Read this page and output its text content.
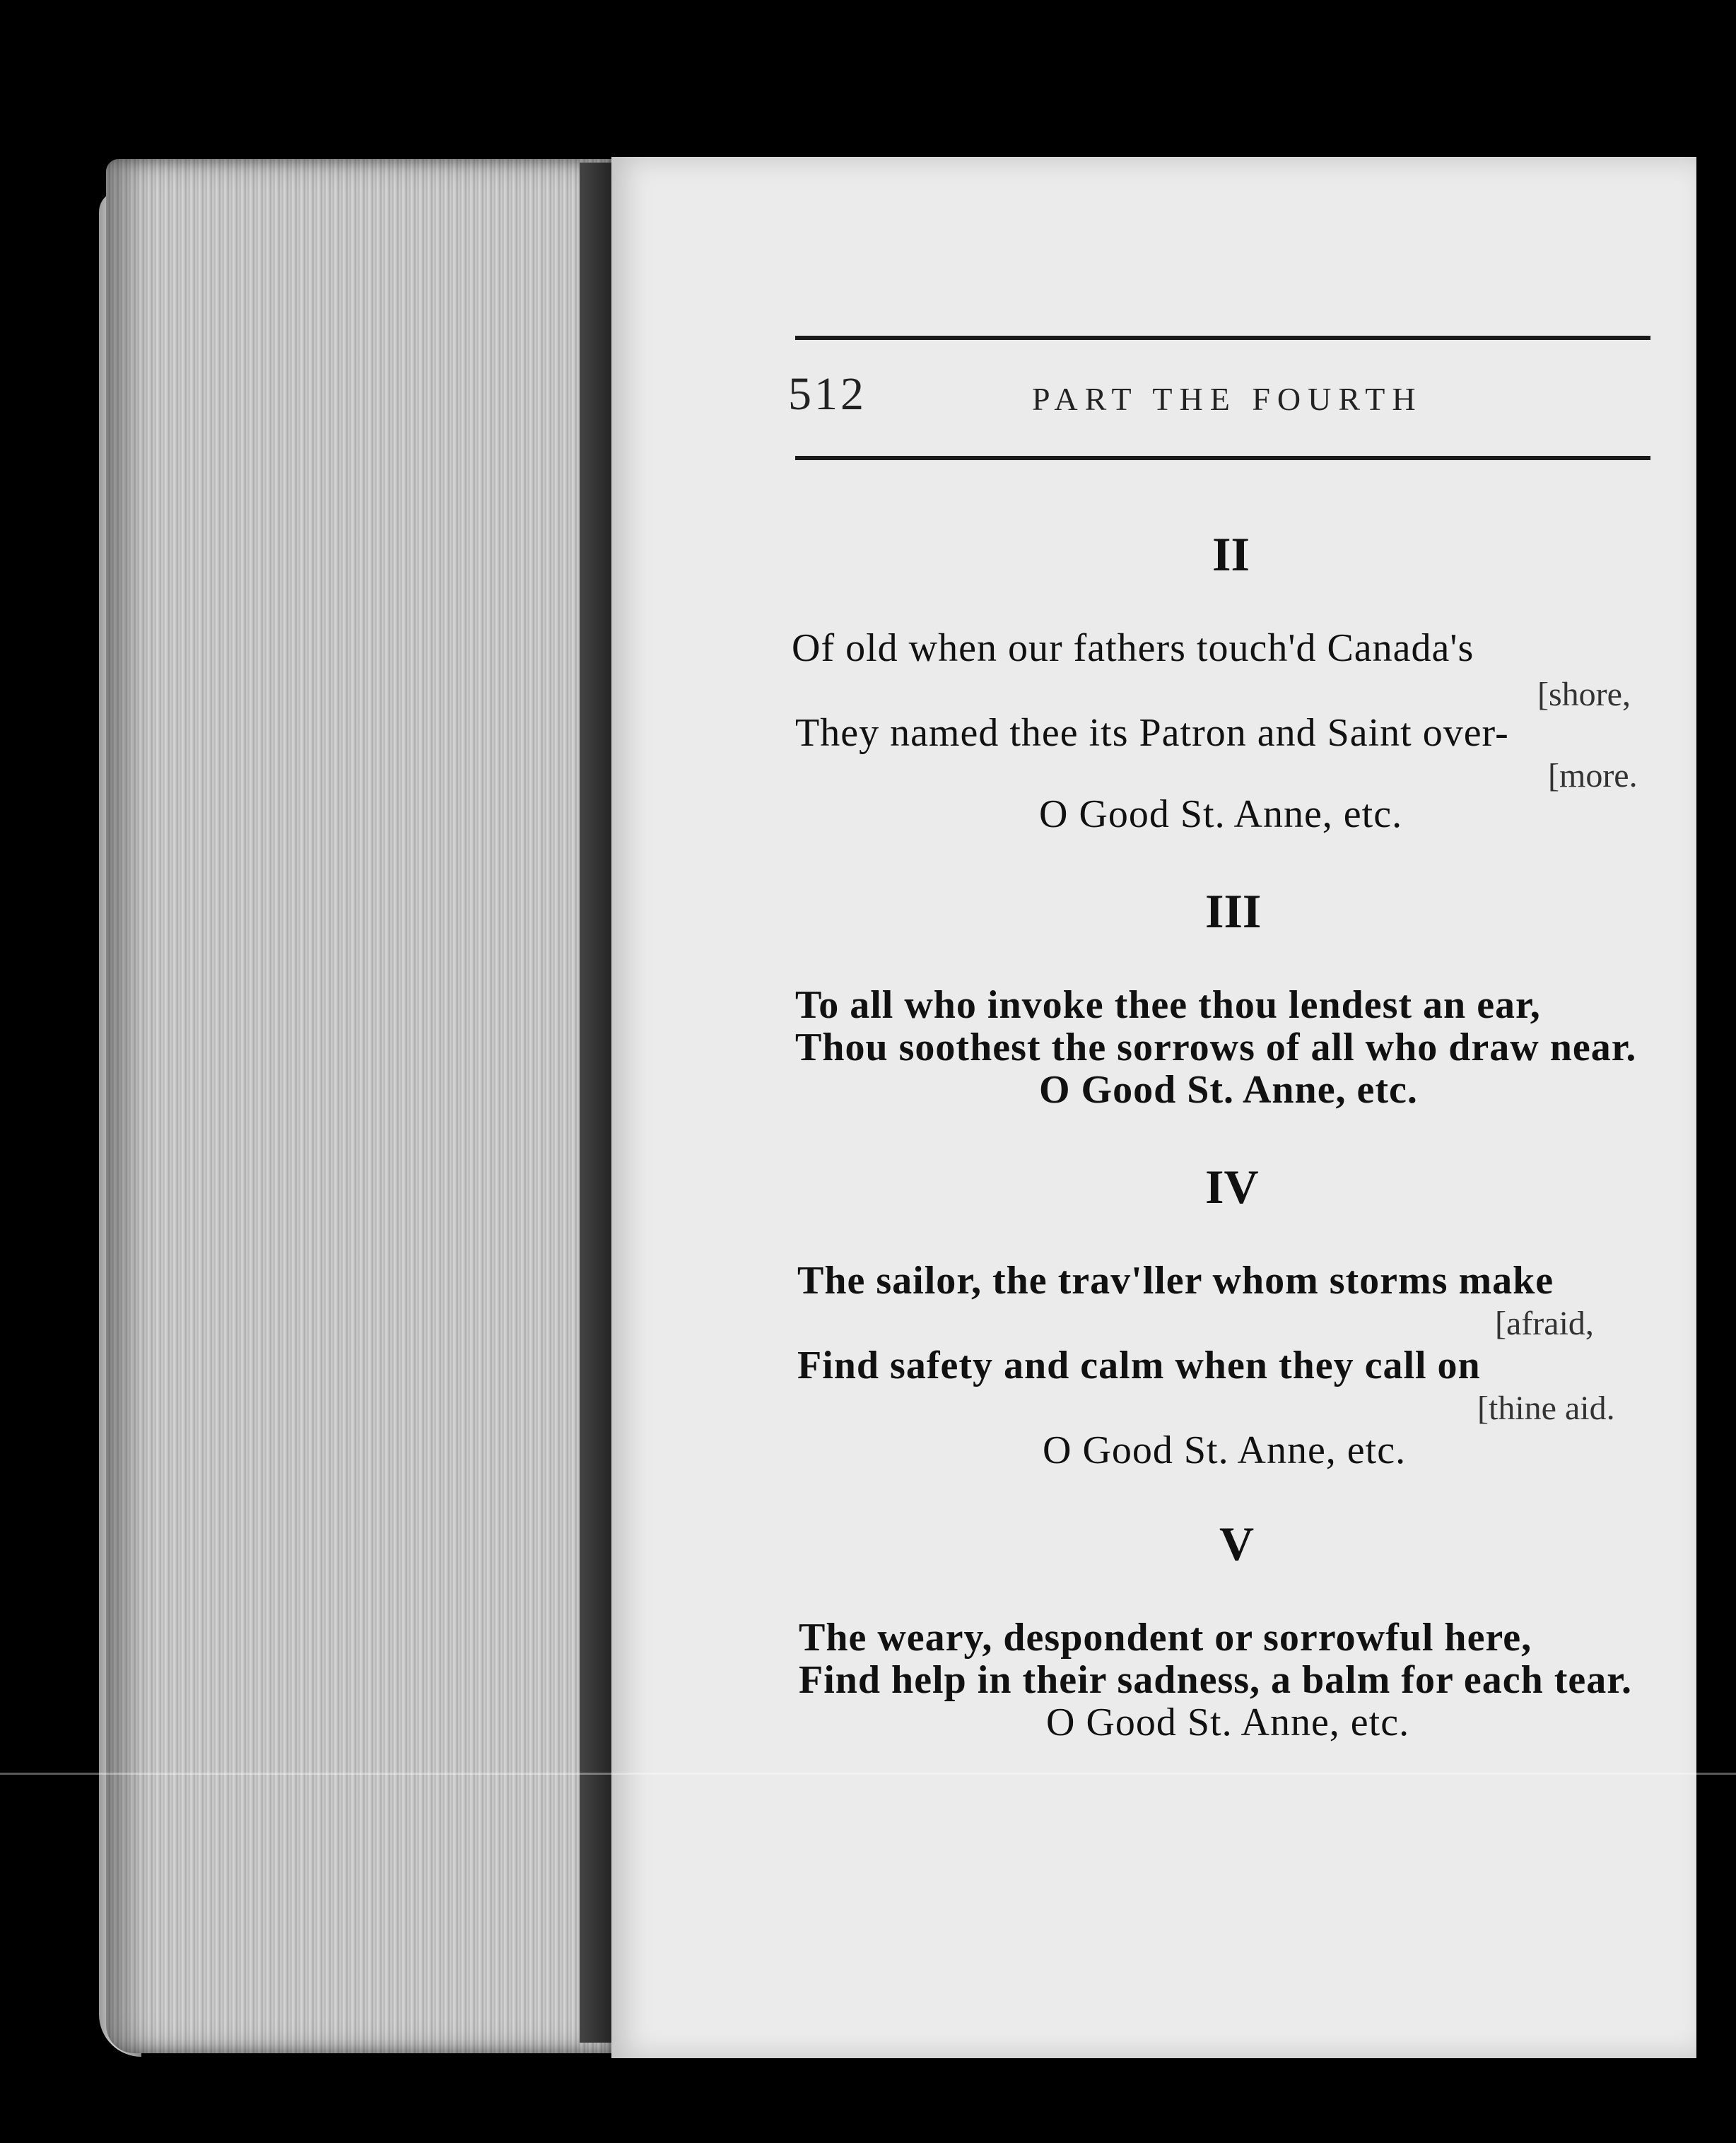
512	PART THE FOURTH
II
Of old when our fathers touch'd Canada's
[shore,
They named thee its Patron and Saint over-
[more.
O Good St. Anne, etc.
III
To all who invoke thee thou lendest an ear,
Thou soothest the sorrows of all who draw near.
O Good St. Anne, etc.
IV
The sailor, the trav'ller whom storms make
[afraid,
Find safety and calm when they call on
[thine aid.
O Good St. Anne, etc.
V
The weary, despondent or sorrowful here,
Find help in their sadness, a balm for each tear.
O Good St. Anne, etc.
